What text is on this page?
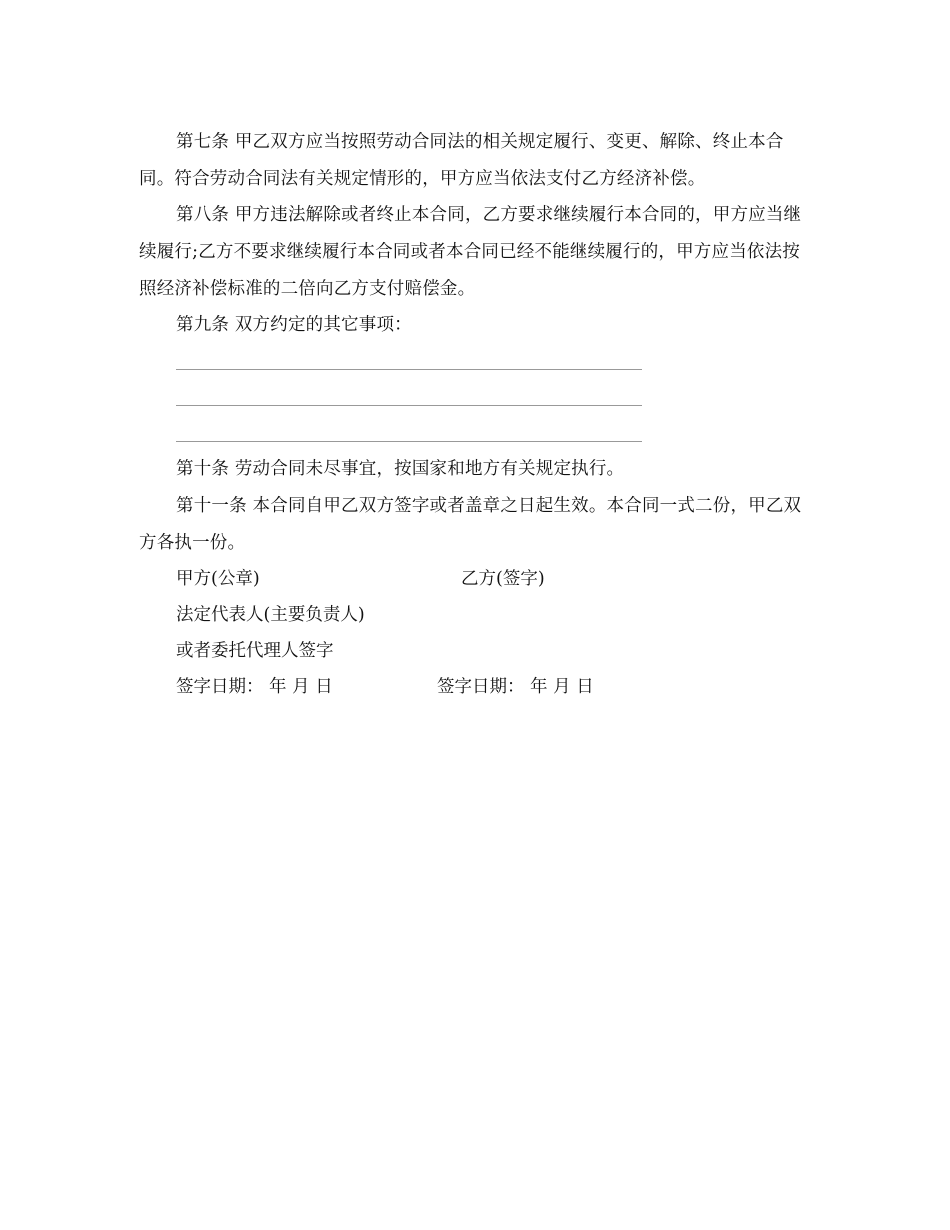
第七条 甲乙双方应当按照劳动合同法的相关规定履行、变更、解除、终止本合同。符合劳动合同法有关规定情形的，甲方应当依法支付乙方经济补偿。

第八条 甲方违法解除或者终止本合同，乙方要求继续履行本合同的，甲方应当继续履行;乙方不要求继续履行本合同或者本合同已经不能继续履行的，甲方应当依法按照经济补偿标准的二倍向乙方支付赔偿金。

第九条 双方约定的其它事项：

第十条 劳动合同未尽事宜，按国家和地方有关规定执行。

第十一条 本合同自甲乙双方签字或者盖章之日起生效。本合同一式二份，甲乙双方各执一份。

甲方(公章)	乙方(签字)
法定代表人(主要负责人)
或者委托代理人签字
签字日期： 年 月 日	签字日期： 年 月 日
